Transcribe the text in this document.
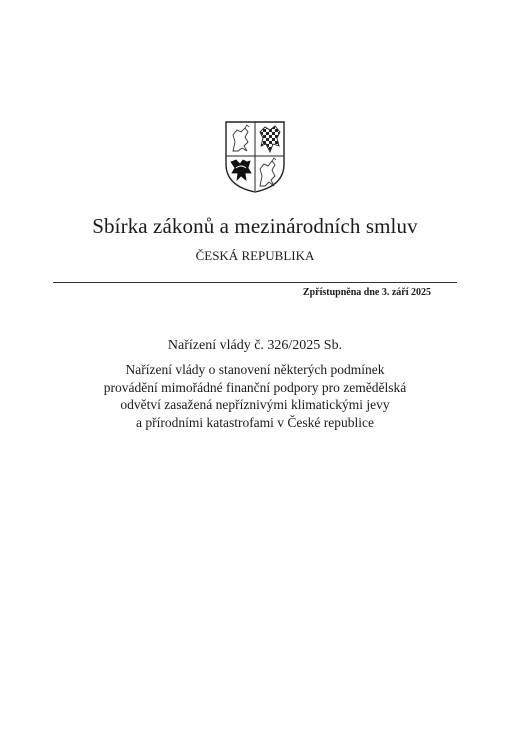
Sbírka zákonů a mezinárodních smluv
ČESKÁ REPUBLIKA
Zpřístupněna dne 3. září 2025
Nařízení vlády č. 326/2025 Sb.
Nařízení vlády o stanovení některých podmínek
provádění mimořádné finanční podpory pro zemědělská
odvětví zasažená nepříznivými klimatickými jevy
a přírodními katastrofami v České republice
